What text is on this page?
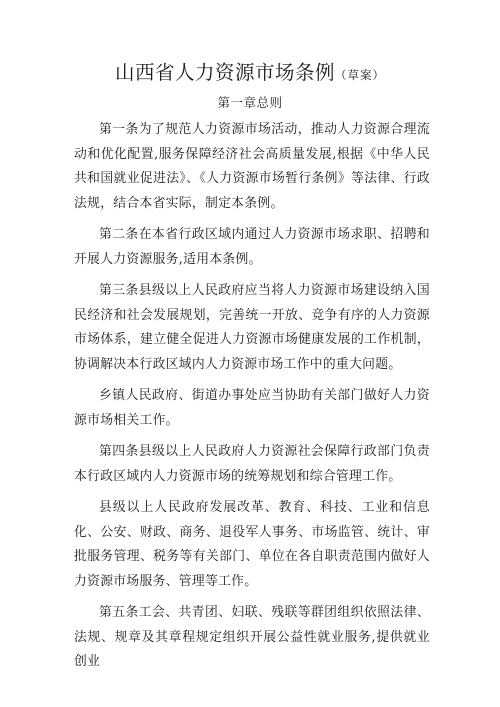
山西省人力资源市场条例（草案）
第一章总则

第一条为了规范人力资源市场活动，推动人力资源合理流动和优化配置,服务保障经济社会高质量发展,根据《中华人民共和国就业促进法》、《人力资源市场暂行条例》等法律、行政法规，结合本省实际，制定本条例。

第二条在本省行政区域内通过人力资源市场求职、招聘和开展人力资源服务,适用本条例。

第三条县级以上人民政府应当将人力资源市场建设纳入国民经济和社会发展规划，完善统一开放、竞争有序的人力资源市场体系，建立健全促进人力资源市场健康发展的工作机制，协调解决本行政区域内人力资源市场工作中的重大问题。

乡镇人民政府、街道办事处应当协助有关部门做好人力资源市场相关工作。

第四条县级以上人民政府人力资源社会保障行政部门负责本行政区域内人力资源市场的统筹规划和综合管理工作。

县级以上人民政府发展改革、教育、科技、工业和信息化、公安、财政、商务、退役军人事务、市场监管、统计、审批服务管理、税务等有关部门、单位在各自职责范围内做好人力资源市场服务、管理等工作。

第五条工会、共青团、妇联、残联等群团组织依照法律、法规、规章及其章程规定组织开展公益性就业服务,提供就业创业
